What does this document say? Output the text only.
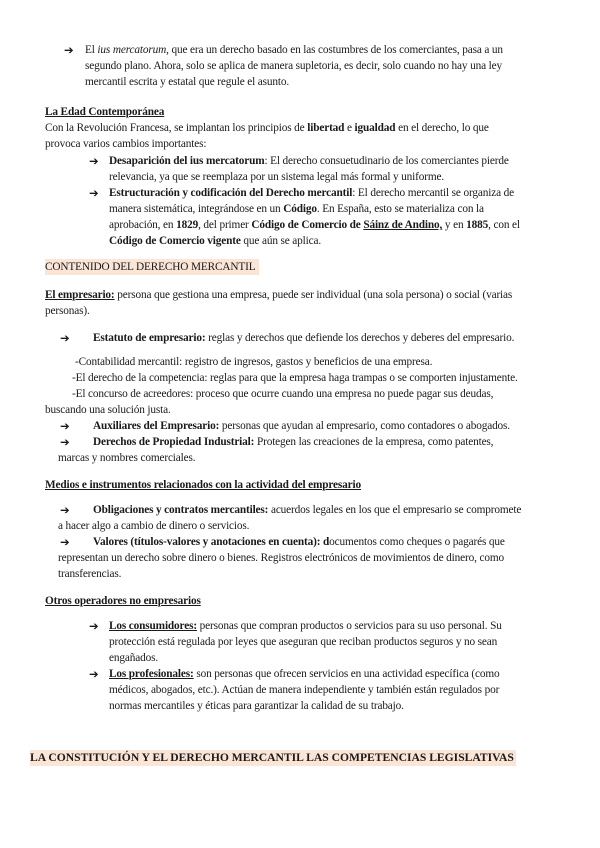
➔ El ius mercatorum, que era un derecho basado en las costumbres de los comerciantes, pasa a un
segundo plano. Ahora, solo se aplica de manera supletoria, es decir, solo cuando no hay una ley
mercantil escrita y estatal que regule el asunto.
La Edad Contemporánea
Con la Revolución Francesa, se implantan los principios de libertad e igualdad en el derecho, lo que
provoca varios cambios importantes:
➔ Desaparición del ius mercatorum: El derecho consuetudinario de los comerciantes pierde
relevancia, ya que se reemplaza por un sistema legal más formal y uniforme.
➔ Estructuración y codificación del Derecho mercantil: El derecho mercantil se organiza de
manera sistemática, integrándose en un Código. En España, esto se materializa con la
aprobación, en 1829, del primer Código de Comercio de Sáinz de Andino, y en 1885, con el
Código de Comercio vigente que aún se aplica.
CONTENIDO DEL DERECHO MERCANTIL
El empresario: persona que gestiona una empresa, puede ser individual (una sola persona) o social (varias
personas).
➔ Estatuto de empresario: reglas y derechos que defiende los derechos y deberes del empresario.
-Contabilidad mercantil: registro de ingresos, gastos y beneficios de una empresa.
-El derecho de la competencia: reglas para que la empresa haga trampas o se comporten injustamente.
-El concurso de acreedores: proceso que ocurre cuando una empresa no puede pagar sus deudas,
buscando una solución justa.
➔ Auxiliares del Empresario: personas que ayudan al empresario, como contadores o abogados.
➔ Derechos de Propiedad Industrial: Protegen las creaciones de la empresa, como patentes,
marcas y nombres comerciales.
Medios e instrumentos relacionados con la actividad del empresario
➔ Obligaciones y contratos mercantiles: acuerdos legales en los que el empresario se compromete
a hacer algo a cambio de dinero o servicios.
➔ Valores (títulos-valores y anotaciones en cuenta): documentos como cheques o pagarés que
representan un derecho sobre dinero o bienes. Registros electrónicos de movimientos de dinero, como
transferencias.
Otros operadores no empresarios
➔ Los consumidores: personas que compran productos o servicios para su uso personal. Su
protección está regulada por leyes que aseguran que reciban productos seguros y no sean
engañados.
➔ Los profesionales: son personas que ofrecen servicios en una actividad específica (como
médicos, abogados, etc.). Actúan de manera independiente y también están regulados por
normas mercantiles y éticas para garantizar la calidad de su trabajo.
LA CONSTITUCIÓN Y EL DERECHO MERCANTIL LAS COMPETENCIAS LEGISLATIVAS
